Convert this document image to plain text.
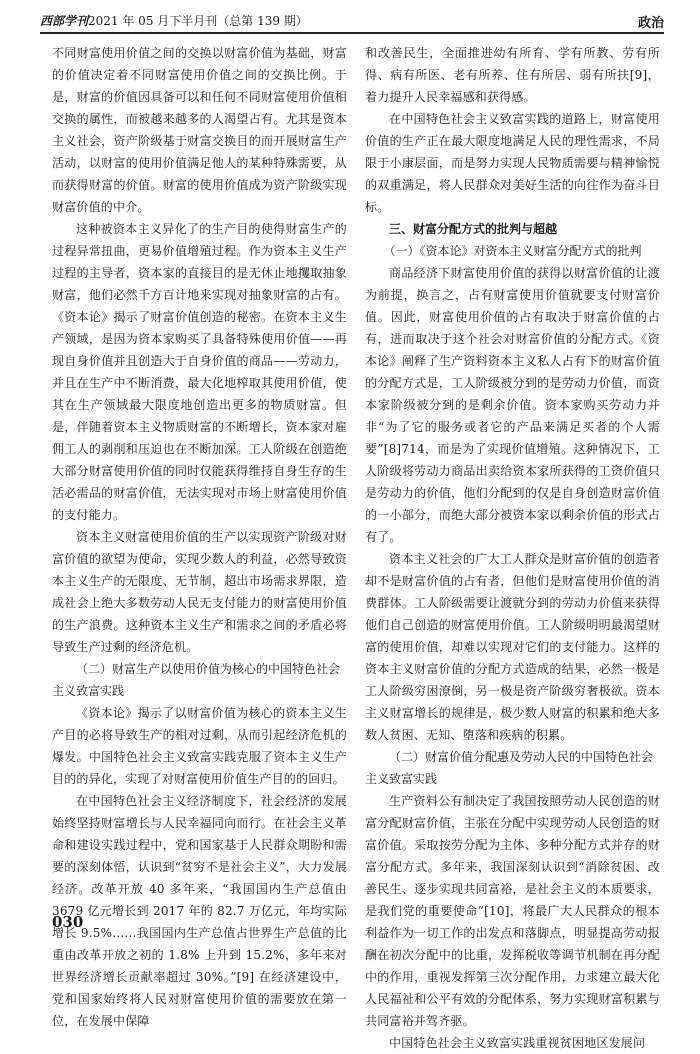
西部学刊2021 年 05 月下半月刊（总第 139 期）	政治

不同财富使用价值之间的交换以财富价值为基础，财富的价值决定着不同财富使用价值之间的交换比例。于是，财富的价值因具备可以和任何不同财富使用价值相交换的属性，而被越来越多的人渴望占有。尤其是资本主义社会，资产阶级基于财富交换目的而开展财富生产活动，以财富的使用价值满足他人的某种特殊需要，从而获得财富的价值。财富的使用价值成为资产阶级实现财富价值的中介。

这种被资本主义异化了的生产目的使得财富生产的过程异常扭曲，更易价值增殖过程。作为资本主义生产过程的主导者，资本家的直接目的是无休止地攫取抽象财富，他们必然千方百计地来实现对抽象财富的占有。《资本论》揭示了财富价值创造的秘密。在资本主义生产领域，是因为资本家购买了具备特殊使用价值——再现自身价值并且创造大于自身价值的商品——劳动力，并且在生产中不断消费，最大化地榨取其使用价值，使其在生产领域最大限度地创造出更多的物质财富。但是，伴随着资本主义物质财富的不断增长，资本家对雇佣工人的剥削和压迫也在不断加深。工人阶级在创造绝大部分财富使用价值的同时仅能获得维持自身生存的生活必需品的财富价值，无法实现对市场上财富使用价值的支付能力。

资本主义财富使用价值的生产以实现资产阶级对财富价值的欲望为使命，实现少数人的利益，必然导致资本主义生产的无限度、无节制，超出市场需求界限，造成社会上绝大多数劳动人民无支付能力的财富使用价值的生产浪费。这种资本主义生产和需求之间的矛盾必将导致生产过剩的经济危机。

（二）财富生产以使用价值为核心的中国特色社会主义致富实践

《资本论》揭示了以财富价值为核心的资本主义生产目的必将导致生产的相对过剩，从而引起经济危机的爆发。中国特色社会主义致富实践克服了资本主义生产目的的异化，实现了对财富使用价值生产目的的回归。

在中国特色社会主义经济制度下，社会经济的发展始终坚持财富增长与人民幸福同向而行。在社会主义革命和建设实践过程中，党和国家基于人民群众期盼和需要的深刻体悟，认识到“贫穷不是社会主义”，大力发展经济。改革开放 40 多年来，“我国国内生产总值由 3679 亿元增长到 2017 年的 82.7 万亿元，年均实际增长 9.5%……我国国内生产总值占世界生产总值的比重由改革开放之初的 1.8% 上升到 15.2%，多年来对世界经济增长贡献率超过 30%。”[9] 在经济建设中，党和国家始终将人民对财富使用价值的需要放在第一位，在发展中保障

和改善民生，全面推进幼有所育、学有所教、劳有所得、病有所医、老有所养、住有所居、弱有所扶[9]，着力提升人民幸福感和获得感。

在中国特色社会主义致富实践的道路上，财富使用价值的生产正在最大限度地满足人民的理性需求，不局限于小康层面，而是努力实现人民物质需要与精神愉悦的双重满足，将人民群众对美好生活的向往作为奋斗目标。

三、财富分配方式的批判与超越
（一）《资本论》对资本主义财富分配方式的批判

商品经济下财富使用价值的获得以财富价值的让渡为前提，换言之，占有财富使用价值就要支付财富价值。因此，财富使用价值的占有取决于财富价值的占有，进而取决于这个社会对财富价值的分配方式。《资本论》阐释了生产资料资本主义私人占有下的财富价值的分配方式是，工人阶级被分到的是劳动力价值，而资本家阶级被分到的是剩余价值。资本家购买劳动力并非“为了它的服务或者它的产品来满足买者的个人需要”[8]714，而是为了实现价值增殖。这种情况下，工人阶级将劳动力商品出卖给资本家所获得的工资价值只是劳动力的价值，他们分配到的仅是自身创造财富价值的一小部分，而绝大部分被资本家以剩余价值的形式占有了。

资本主义社会的广大工人群众是财富价值的创造者却不是财富价值的占有者，但他们是财富使用价值的消费群体。工人阶级需要让渡就分到的劳动力价值来获得他们自己创造的财富使用价值。工人阶级明明最渴望财富的使用价值，却难以实现对它们的支付能力。这样的资本主义财富价值的分配方式造成的结果，必然一极是工人阶级穷困潦倒，另一极是资产阶级穷奢极欲。资本主义财富增长的规律是，极少数人财富的积累和绝大多数人贫困、无知、堕落和疾病的积累。

（二）财富价值分配惠及劳动人民的中国特色社会主义致富实践

生产资料公有制决定了我国按照劳动人民创造的财富分配财富价值，主张在分配中实现劳动人民创造的财富价值。采取按劳分配为主体、多种分配方式并存的财富分配方式。多年来，我国深刻认识到“消除贫困、改善民生、逐步实现共同富裕，是社会主义的本质要求，是我们党的重要使命”[10]，将最广大人民群众的根本利益作为一切工作的出发点和落脚点，明显提高劳动报酬在初次分配中的比重，发挥税收等调节机制在再分配中的作用，重视发挥第三次分配作用，力求建立最大化人民福祉和公平有效的分配体系，努力实现财富积累与共同富裕并驾齐驱。

中国特色社会主义致富实践重视贫困地区发展问

030
